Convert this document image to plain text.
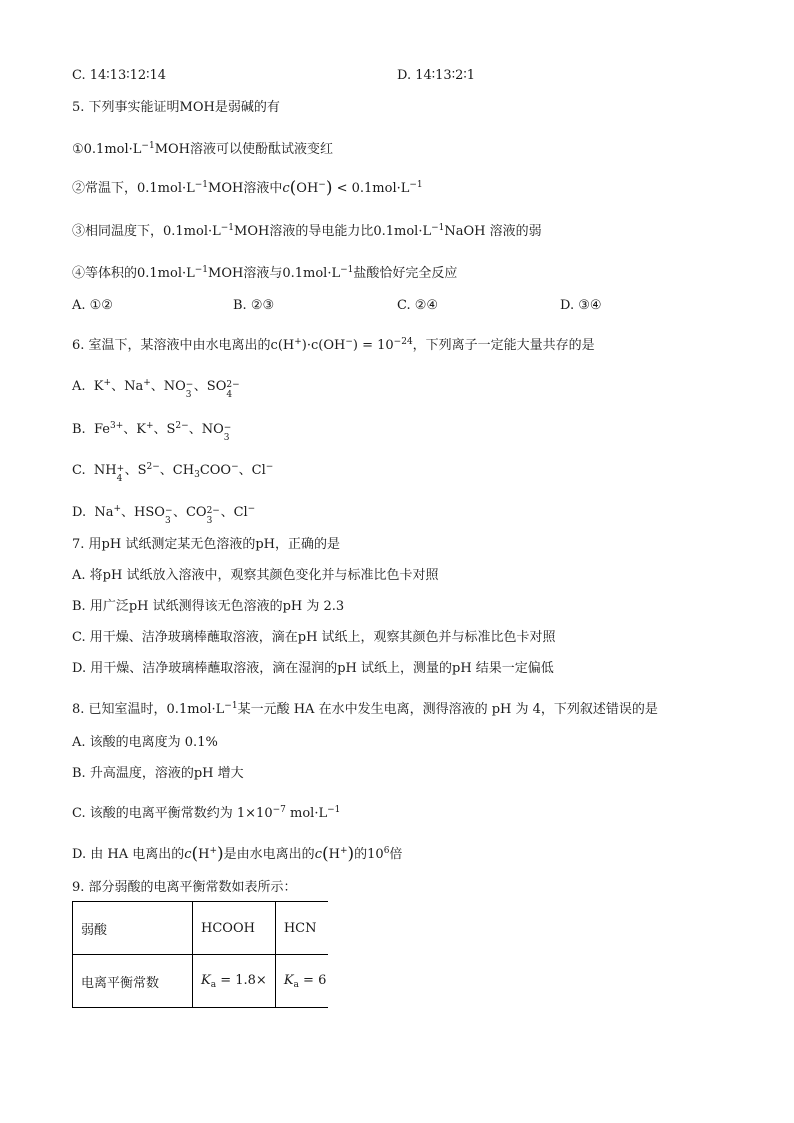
C. 14∶13∶12∶14	D. 14∶13∶2∶1
5. 下列事实能证明MOH是弱碱的有
$①0.1mol\cdot L^{-1}MOH$溶液可以使酚酞试液变红
②常温下，$0.1mol\cdot L^{-1}MOH$溶液中$c(OH^-) < 0.1mol\cdot L^{-1}$
③相同温度下，$0.1mol\cdot L^{-1}MOH$溶液的导电能力比$0.1mol\cdot L^{-1}NaOH$ 溶液的弱
④等体积的$0.1mol\cdot L^{-1}MOH$溶液与$0.1mol\cdot L^{-1}$盐酸恰好完全反应
A. ①②	B. ②③	C. ②④	D. ③④
6. 室温下，某溶液中由水电离出的$c(H^+)\cdot c(OH^-) = 10^{-24}$，下列离子一定能大量共存的是
A. K+、Na+、NO −
3
、SO 2−
4
B. $Fe^{3+}$、K+、$S^{2-}$、NO −
3
C. NH +
4
、$S^{2-}$、$CH_3COO^-$、Cl−
D. Na+、HSO −
3
、CO 2−
3
、Cl−
7. 用pH 试纸测定某无色溶液的pH，正确的是
A. 将pH 试纸放入溶液中，观察其颜色变化并与标准比色卡对照
B. 用广泛pH 试纸测得该无色溶液的pH 为 2.3
C. 用干燥、洁净玻璃棒蘸取溶液，滴在pH 试纸上，观察其颜色并与标准比色卡对照
D. 用干燥、洁净玻璃棒蘸取溶液，滴在湿润的pH 试纸上，测量的pH 结果一定偏低
8. 已知室温时，$0.1mol\cdot L^{-1}$某一元酸 HA 在水中发生电离，测得溶液的 pH 为 4，下列叙述错误的是
A. 该酸的电离度为 0.1%
B. 升高温度，溶液的pH 增大
C. 该酸的电离平衡常数约为 $1\times 10^{-7}$ $mol\cdot L^{-1}$
D. 由 HA 电离出的c(H+)是由水电离出的c(H+)的$10^6$倍
9. 部分弱酸的电离平衡常数如表所示：
弱酸	HCOOH	HCN	
电离平衡常数	$K_a = 1.8\times$	$K_a = 6$	
